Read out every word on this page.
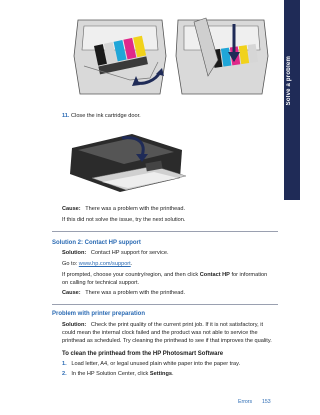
Solve a problem
11. Close the ink cartridge door.
Cause: There was a problem with the printhead.
If this did not solve the issue, try the next solution.
Solution 2: Contact HP support
Solution: Contact HP support for service.
Go to: www.hp.com/support.
If prompted, choose your country/region, and then click Contact HP for information
on calling for technical support.
Cause: There was a problem with the printhead.
Problem with printer preparation
Solution: Check the print quality of the current print job. If it is not satisfactory, it
could mean the internal clock failed and the product was not able to service the
printhead as scheduled. Try cleaning the printhead to see if that improves the quality.
To clean the printhead from the HP Photosmart Software
1. Load letter, A4, or legal unused plain white paper into the paper tray.
2. In the HP Solution Center, click Settings.
Errors 153
